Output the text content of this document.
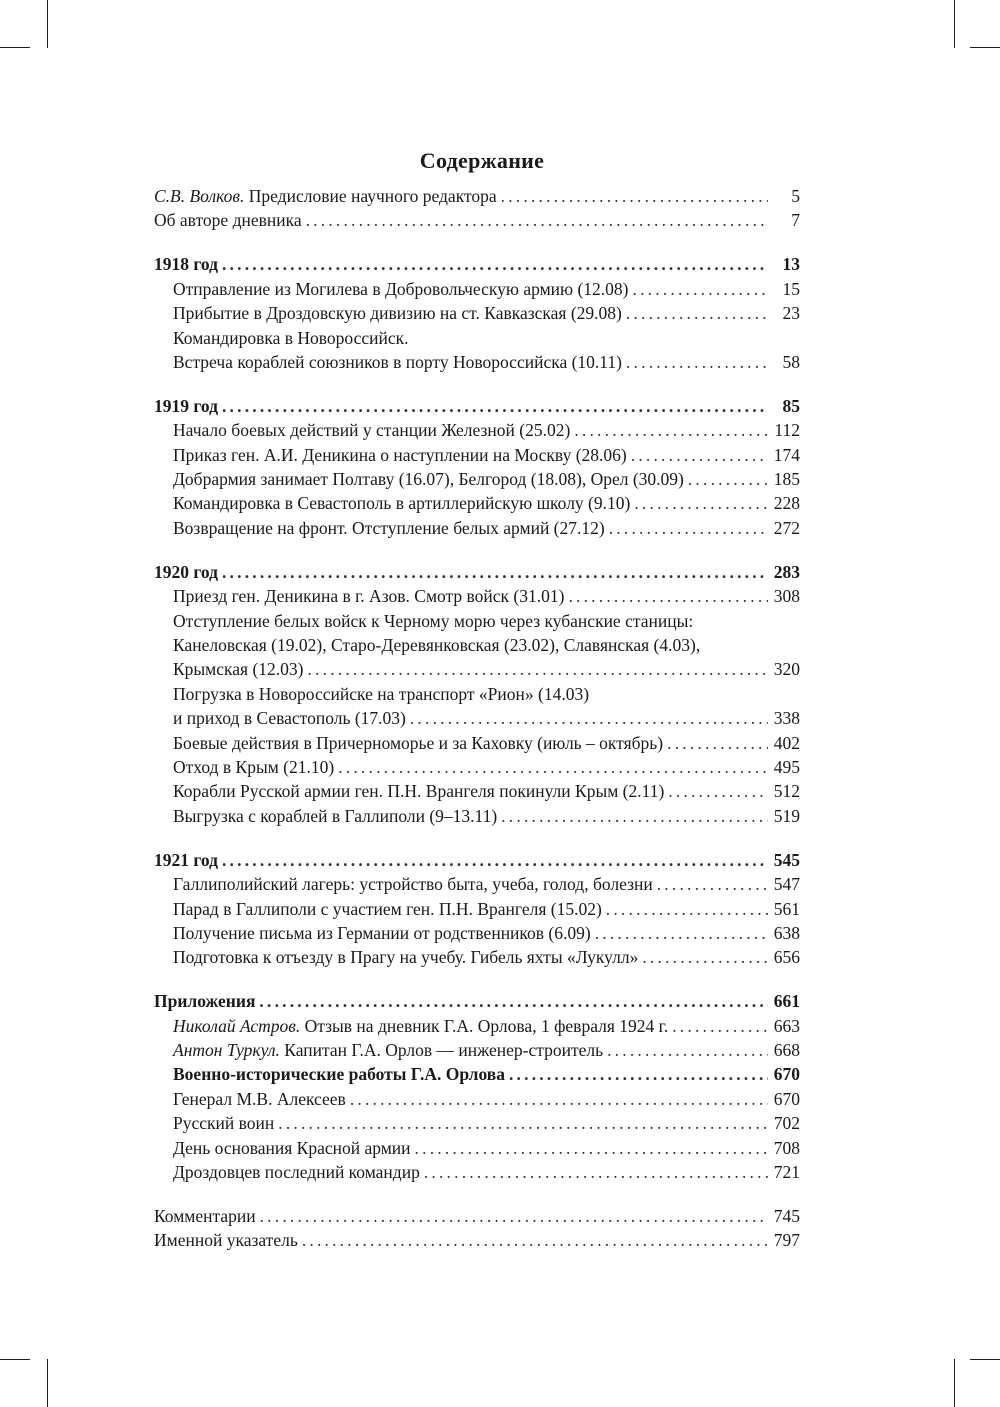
Содержание
С.В. Волков. Предисловие научного редактора .....	5
Об авторе дневника .....	7
1918 год .....	13
Отправление из Могилева в Добровольческую армию (12.08) .....	15
Прибытие в Дроздовскую дивизию на ст. Кавказская (29.08) .....	23
Командировка в Новороссийск.
Встреча кораблей союзников в порту Новороссийска (10.11) .....	58
1919 год .....	85
Начало боевых действий у станции Железной (25.02) .....	112
Приказ ген. А.И. Деникина о наступлении на Москву (28.06) .....	174
Добрармия занимает Полтаву (16.07), Белгород (18.08), Орел (30.09) .....	185
Командировка в Севастополь в артиллерийскую школу (9.10) .....	228
Возвращение на фронт. Отступление белых армий (27.12) .....	272
1920 год .....	283
Приезд ген. Деникина в г. Азов. Смотр войск (31.01) .....	308
Отступление белых войск к Черному морю через кубанские станицы:
Канеловская (19.02), Старо-Деревянковская (23.02), Славянская (4.03),
Крымская (12.03) .....	320
Погрузка в Новороссийске на транспорт «Рион» (14.03)
и приход в Севастополь (17.03) .....	338
Боевые действия в Причерноморье и за Каховку (июль – октябрь) .....	402
Отход в Крым (21.10) .....	495
Корабли Русской армии ген. П.Н. Врангеля покинули Крым (2.11) .....	512
Выгрузка с кораблей в Галлиполи (9–13.11) .....	519
1921 год .....	545
Галлиполийский лагерь: устройство быта, учеба, голод, болезни .....	547
Парад в Галлиполи с участием ген. П.Н. Врангеля (15.02) .....	561
Получение письма из Германии от родственников (6.09) .....	638
Подготовка к отъезду в Прагу на учебу. Гибель яхты «Лукулл» .....	656
Приложения .....	661
Николай Астров. Отзыв на дневник Г.А. Орлова, 1 февраля 1924 г. .....	663
Антон Туркул. Капитан Г.А. Орлов — инженер-строитель .....	668
Военно-исторические работы Г.А. Орлова .....	670
Генерал М.В. Алексеев .....	670
Русский воин .....	702
День основания Красной армии .....	708
Дроздовцев последний командир .....	721
Комментарии .....	745
Именной указатель .....	797
